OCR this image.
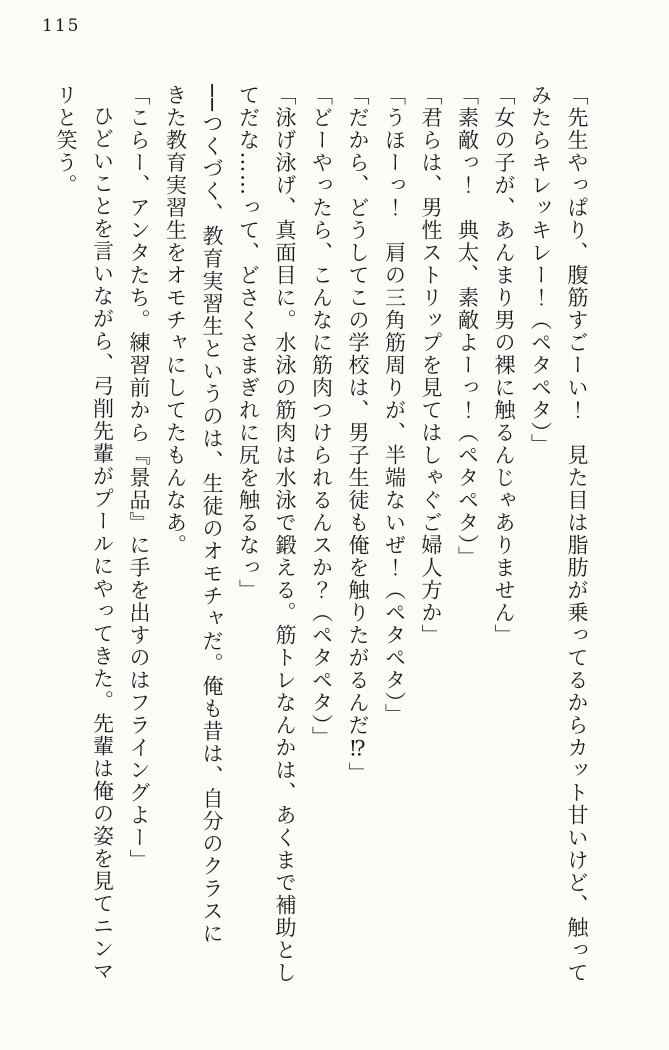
115

「先生やっぱり、腹筋すごーい！　見た目は脂肪が乗ってるからカット甘いけど、触って

みたらキレッキレー！（ペタペタ）」

「女の子が、あんまり男の裸に触るんじゃありません」

「素敵っ！　典太、素敵よーっ！（ペタペタ）」

「君らは、男性ストリップを見てはしゃぐご婦人方か」

「うほーっ！　肩の三角筋周りが、半端ないぜ！（ペタペタ）」

「だから、どうしてこの学校は、男子生徒も俺を触りたがるんだ⁉」

「どーやったら、こんなに筋肉つけられるんスか？（ペタペタ）」

「泳げ泳げ、真面目に。水泳の筋肉は水泳で鍛える。筋トレなんかは、あくまで補助とし

てだな……って、どさくさまぎれに尻を触るなっ」

──つくづく、教育実習生というのは、生徒のオモチャだ。俺も昔は、自分のクラスに

きた教育実習生をオモチャにしてたもんなあ。

「こらー、アンタたち。練習前から『景品』に手を出すのはフライングよー」

ひどいことを言いながら、弓削先輩がプールにやってきた。先輩は俺の姿を見てニンマ

リと笑う。
